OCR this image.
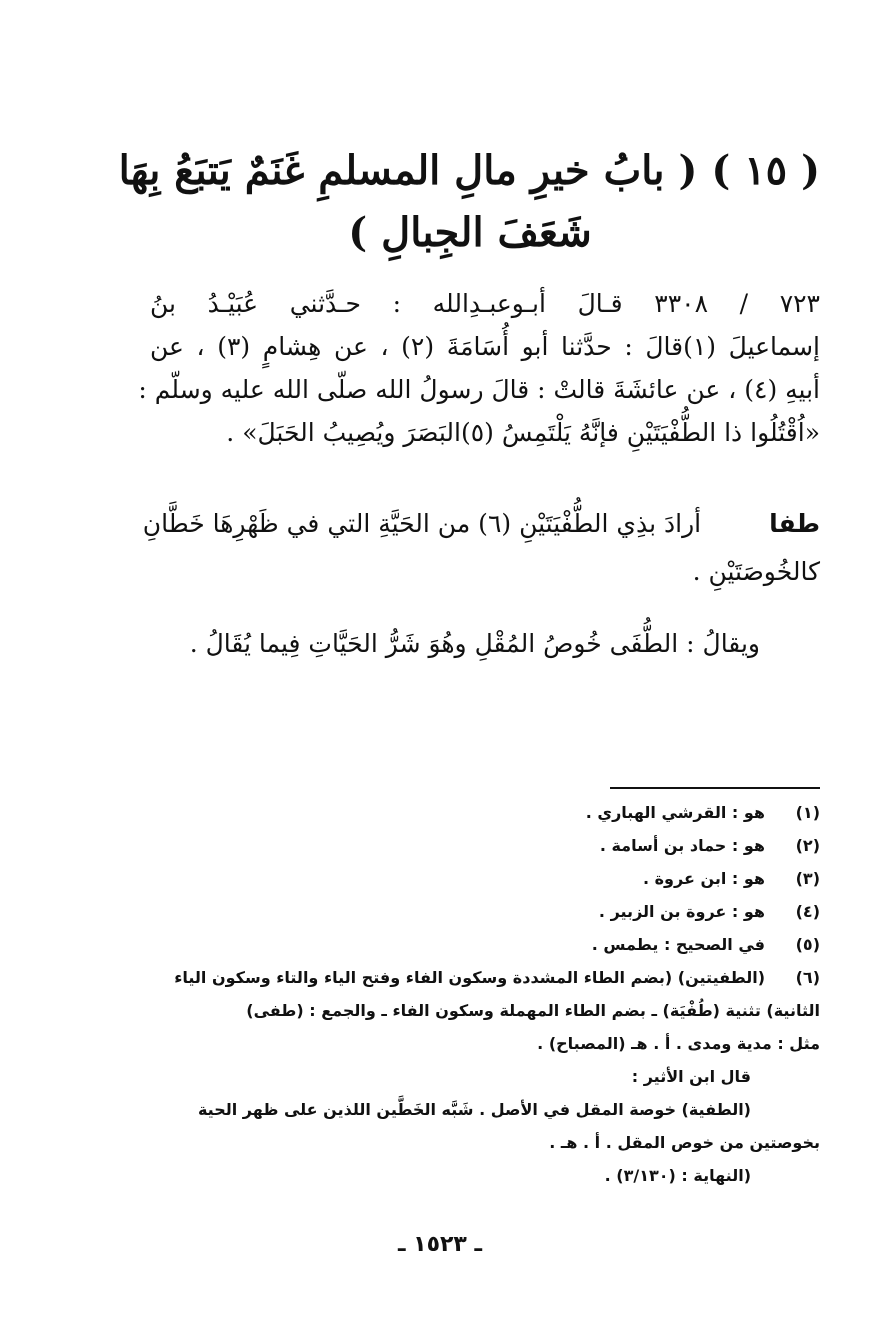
( ١٥ ) ( بابُ خيرِ مالِ المسلمِ غَنَمٌ يَتبَعُ بِهَا
شَعَفَ الجِبالِ )
٧٢٣ / ٣٣٠٨ قـالَ أبـوعبـدِالله : حـدَّثني عُبَيْـدُ بنُ
إسماعيلَ (١)قالَ : حدَّثنا أبو أُسَامَةَ (٢) ، عن هِشامٍ (٣) ، عن
أبيهِ (٤) ، عن عائشَةَ قالتْ : قالَ رسولُ الله صلّى الله عليه وسلّم :
«اُقْتُلُوا ذا الطُّفْيَتَيْنِ فإنَّهُ يَلْتَمِسُ (٥)البَصَرَ ويُصِيبُ الحَبَلَ» .
طفا أرادَ بذِي الطُّفْيَتَيْنِ (٦) من الحَيَّةِ التي في ظَهْرِهَا خَطَّانِ
كالخُوصَتَيْنِ .
ويقالُ : الطُّفَى خُوصُ المُقْلِ وهُوَ شَرُّ الحَيَّاتِ فِيما يُقَالُ .
(١)
هو : القرشي الهباري .
(٢)
هو : حماد بن أسامة .
(٣)
هو : ابن عروة .
(٤)
هو : عروة بن الزبير .
(٥)
في الصحيح : يطمس .
(٦)
(الطفيتين) (بضم الطاء المشددة وسكون الفاء وفتح الياء والتاء وسكون الياء
الثانية) تثنية (طُفْيَة) ـ بضم الطاء المهملة وسكون الفاء ـ والجمع : (طفى)
مثل : مدية ومدى . أ . هـ (المصباح) .
قال ابن الأثير :
(الطفية) خوصة المقل في الأصل . شَبَّه الخَطَّين اللذين على ظهر الحية
بخوصتين من خوص المقل . أ . هـ .
(النهاية : (٣/١٣٠) .
ـ ١٥٢٣ ـ
